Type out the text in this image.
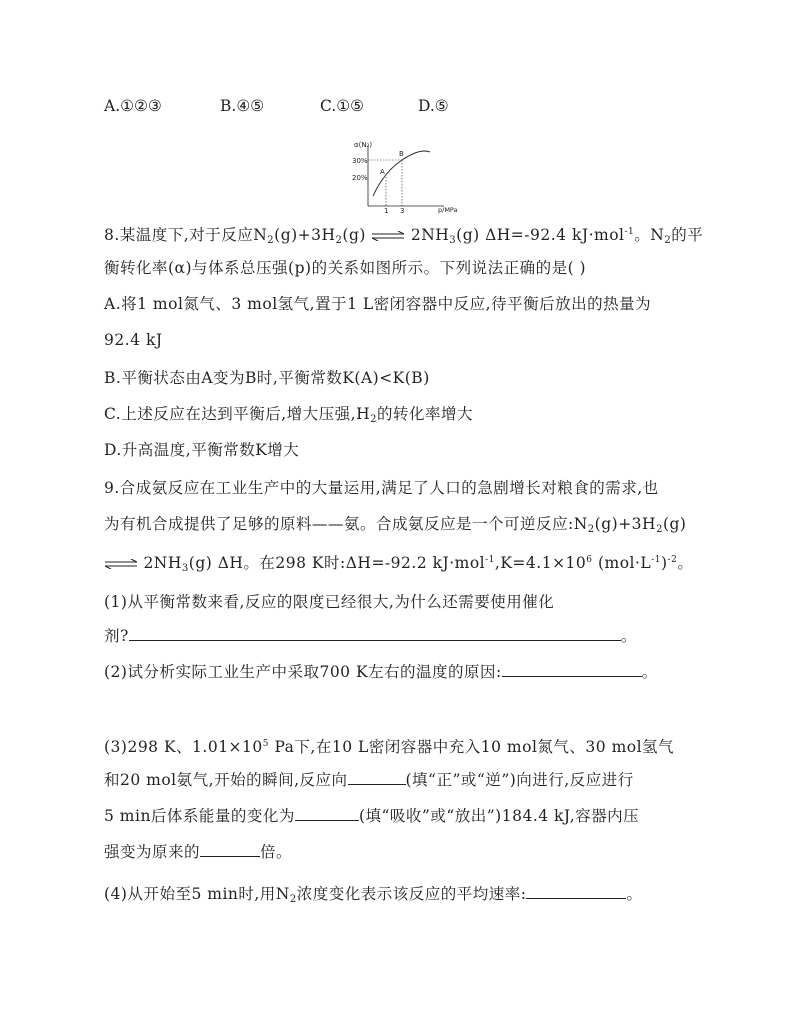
A.①②③	B.④⑤	C.①⑤	D.⑤
α(N₂)
p/MPa
30%
20%
1 3
A
B
8.某温度下,对于反应$N_2(g)+3H_2(g)$ ⇌ $2NH_3(g)$ ΔH=-92.4 kJ·mol$^{-1}$。$N_2$的平
衡转化率(α)与体系总压强(p)的关系如图所示。下列说法正确的是( )
A.将1 mol氮气、3 mol氢气,置于1 L密闭容器中反应,待平衡后放出的热量为
92.4 kJ
B.平衡状态由A变为B时,平衡常数K(A)<K(B)
C.上述反应在达到平衡后,增大压强$,H_2$的转化率增大
D.升高温度,平衡常数K增大
9.合成氨反应在工业生产中的大量运用,满足了人口的急剧增长对粮食的需求,也
为有机合成提供了足够的原料——氨。合成氨反应是一个可逆反应$:N_2(g)+3H_2(g)$
⇌ $2NH_3(g)$ ΔH。在298 K时:ΔH=-92.2 $kJ\cdot mol^{-1},K=4.1\times 10^6$ $(mol\cdot L^{-1})^{-2}$。
(1)从平衡常数来看,反应的限度已经很大,为什么还需要使用催化
剂?	。
(2)试分析实际工业生产中采取700 K左右的温度的原因:	。
(3)298 K、$1.01\times 10^5$ Pa下,在10 L密闭容器中充入10 mol氮气、30 mol氢气
和20 mol氨气,开始的瞬间,反应向	(填“正”或“逆”)向进行,反应进行
5 min后体系能量的变化为	(填“吸收”或“放出”)184.4 kJ,容器内压
强变为原来的	倍。
(4)从开始至5 min时,用$N_2$浓度变化表示该反应的平均速率:	。
